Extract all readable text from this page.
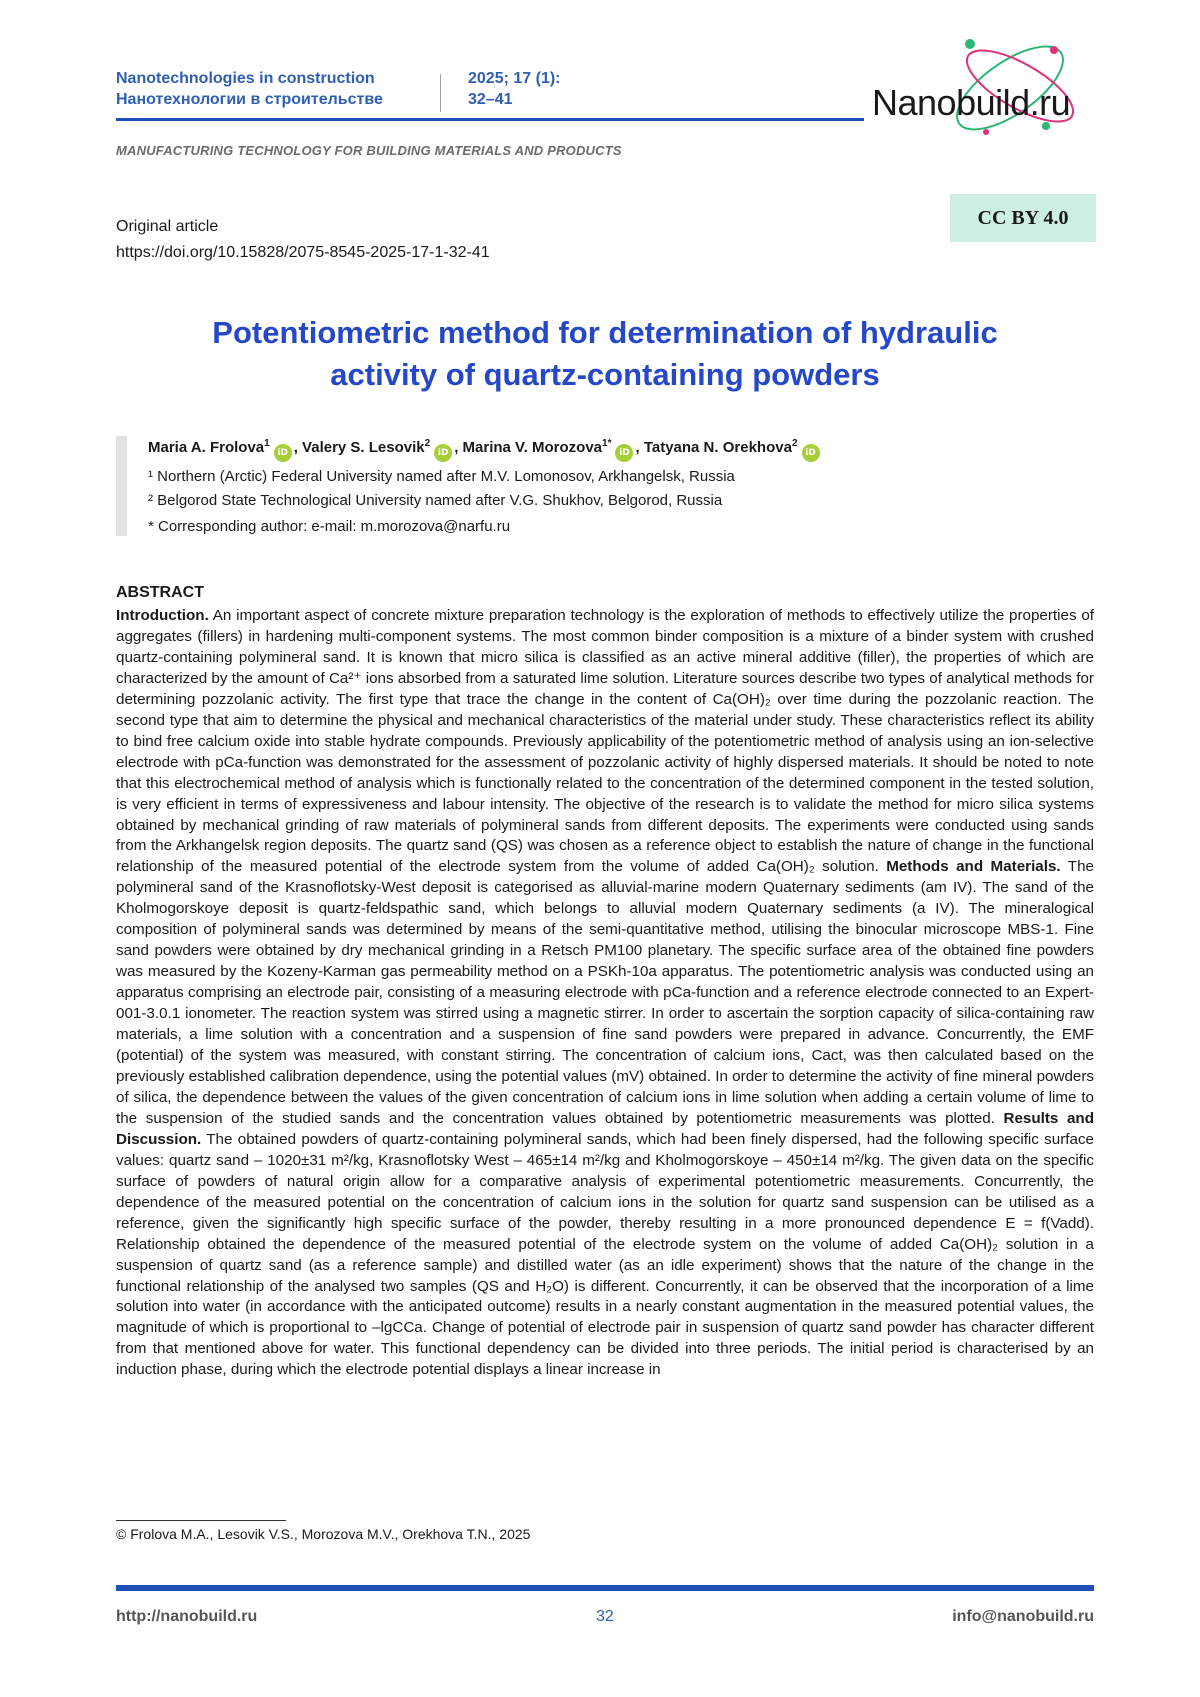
Nanotechnologies in construction
Нанотехнологии в строительстве
2025; 17 (1):
32–41	Nanobuild.ru
MANUFACTURING TECHNOLOGY FOR BUILDING MATERIALS AND PRODUCTS
CC BY 4.0
Original article
https://doi.org/10.15828/2075-8545-2025-17-1-32-41
Potentiometric method for determination of hydraulic
activity of quartz-containing powders
Maria A. Frolova$^1$iD , Valery S. Lesovik$^2$iD , Marina V. Morozova$^{1*}$iD , Tatyana N. Orekhova$^2$iD
¹ Northern (Arctic) Federal University named after M.V. Lomonosov, Arkhangelsk, Russia
² Belgorod State Technological University named after V.G. Shukhov, Belgorod, Russia
* Corresponding author: e-mail: m.morozova@narfu.ru
ABSTRACT
Introduction. An important aspect of concrete mixture preparation technology is the exploration of methods to effectively utilize the properties of aggregates (fillers) in hardening multi-component systems. The most common binder composition is a mixture of a binder system with crushed quartz-containing polymineral sand. It is known that micro silica is classified as an active mineral additive (filler), the properties of which are characterized by the amount of Ca²⁺ ions absorbed from a saturated lime solution. Literature sources describe two types of analytical methods for determining pozzolanic activity. The first type that trace the change in the content of Ca(OH)₂ over time during the pozzolanic reaction. The second type that aim to determine the physical and mechanical characteristics of the material under study. These characteristics reflect its ability to bind free calcium oxide into stable hydrate compounds. Previously applicability of the potentiometric method of analysis using an ion-selective electrode with pCa-function was demonstrated for the assessment of pozzolanic activity of highly dispersed materials. It should be noted to note that this electrochemical method of analysis which is functionally related to the concentration of the determined component in the tested solution, is very efficient in terms of expressiveness and labour intensity. The objective of the research is to validate the method for micro silica systems obtained by mechanical grinding of raw materials of polymineral sands from different deposits. The experiments were conducted using sands from the Arkhangelsk region deposits. The quartz sand (QS) was chosen as a reference object to establish the nature of change in the functional relationship of the measured potential of the electrode system from the volume of added Ca(OH)₂ solution. Methods and Materials. The polymineral sand of the Krasnoflotsky-West deposit is categorised as alluvial-marine modern Quaternary sediments (am IV). The sand of the Kholmogorskoye deposit is quartz-feldspathic sand, which belongs to alluvial modern Quaternary sediments (a IV). The mineralogical composition of polymineral sands was determined by means of the semi-quantitative method, utilising the binocular microscope MBS-1. Fine sand powders were obtained by dry mechanical grinding in a Retsch PM100 planetary. The specific surface area of the obtained fine powders was measured by the Kozeny-Karman gas permeability method on a PSKh-10a apparatus. The potentiometric analysis was conducted using an apparatus comprising an electrode pair, consisting of a measuring electrode with pCa-function and a reference electrode connected to an Expert-001-3.0.1 ionometer. The reaction system was stirred using a magnetic stirrer. In order to ascertain the sorption capacity of silica-containing raw materials, a lime solution with a concentration and a suspension of fine sand powders were prepared in advance. Concurrently, the EMF (potential) of the system was measured, with constant stirring. The concentration of calcium ions, Cact, was then calculated based on the previously established calibration dependence, using the potential values (mV) obtained. In order to determine the activity of fine mineral powders of silica, the dependence between the values of the given concentration of calcium ions in lime solution when adding a certain volume of lime to the suspension of the studied sands and the concentration values obtained by potentiometric measurements was plotted. Results and Discussion. The obtained powders of quartz-containing polymineral sands, which had been finely dispersed, had the following specific surface values: quartz sand – 1020±31 m²/kg, Krasnoflotsky West – 465±14 m²/kg and Kholmogorskoye – 450±14 m²/kg. The given data on the specific surface of powders of natural origin allow for a comparative analysis of experimental potentiometric measurements. Concurrently, the dependence of the measured potential on the concentration of calcium ions in the solution for quartz sand suspension can be utilised as a reference, given the significantly high specific surface of the powder, thereby resulting in a more pronounced dependence E = f(Vadd). Relationship obtained the dependence of the measured potential of the electrode system on the volume of added Ca(OH)₂ solution in a suspension of quartz sand (as a reference sample) and distilled water (as an idle experiment) shows that the nature of the change in the functional relationship of the analysed two samples (QS and H₂O) is different. Concurrently, it can be observed that the incorporation of a lime solution into water (in accordance with the anticipated outcome) results in a nearly constant augmentation in the measured potential values, the magnitude of which is proportional to –lgCCa. Change of potential of electrode pair in suspension of quartz sand powder has character different from that mentioned above for water. This functional dependency can be divided into three periods. The initial period is characterised by an induction phase, during which the electrode potential displays a linear increase in
© Frolova M.A., Lesovik V.S., Morozova M.V., Orekhova T.N., 2025
http://nanobuild.ru	32	info@nanobuild.ru
